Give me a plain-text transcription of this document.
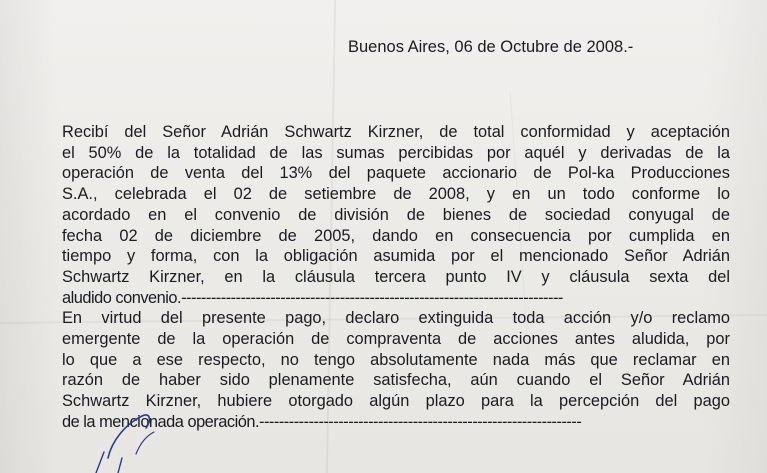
Buenos Aires, 06 de Octubre de 2008.-
Recibí del Señor Adrián Schwartz Kirzner, de total conformidad y aceptación
el 50% de la totalidad de las sumas percibidas por aquél y derivadas de la
operación de venta del 13% del paquete accionario de Pol-ka Producciones
S.A., celebrada el 02 de setiembre de 2008, y en un todo conforme lo
acordado en el convenio de división de bienes de sociedad conyugal de
fecha 02 de diciembre de 2005, dando en consecuencia por cumplida en
tiempo y forma, con la obligación asumida por el mencionado Señor Adrián
Schwartz Kirzner, en la cláusula tercera punto IV y cláusula sexta del
aludido convenio.-----------------------------------------------------------------------------
En virtud del presente pago, declaro extinguida toda acción y/o reclamo
emergente de la operación de compraventa de acciones antes aludida, por
lo que a ese respecto, no tengo absolutamente nada más que reclamar en
razón de haber sido plenamente satisfecha, aún cuando el Señor Adrián
Schwartz Kirzner, hubiere otorgado algún plazo para la percepción del pago
de la mencionada operación.-----------------------------------------------------------------
